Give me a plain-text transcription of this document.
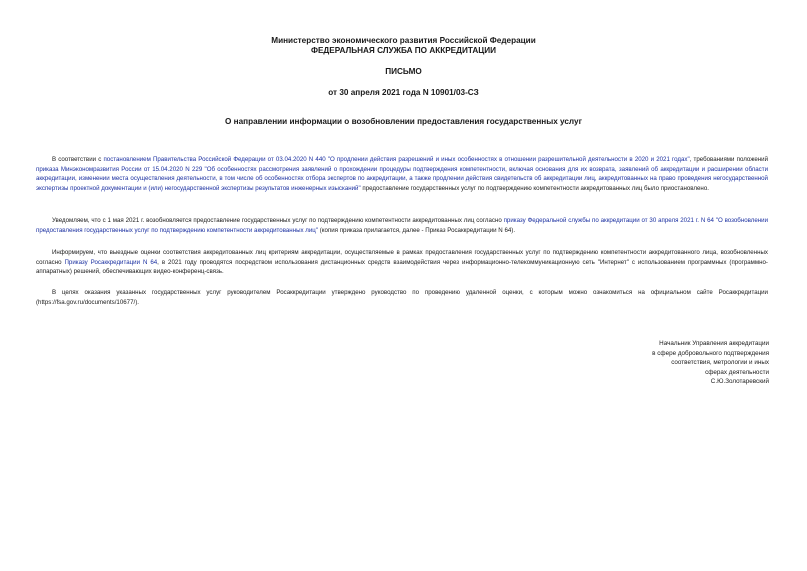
Министерство экономического развития Российской Федерации
ФЕДЕРАЛЬНАЯ СЛУЖБА ПО АККРЕДИТАЦИИ
ПИСЬМО
от 30 апреля 2021 года N 10901/03-СЗ
О направлении информации о возобновлении предоставления государственных услуг

В соответствии с постановлением Правительства Российской Федерации от 03.04.2020 N 440 "О продлении действия разрешений и иных особенностях в отношении разрешительной деятельности в 2020 и 2021 годах", требованиями положений приказа Минэкономразвития России от 15.04.2020 N 229 "Об особенностях рассмотрения заявлений о прохождении процедуры подтверждения компетентности, включая основания для их возврата, заявлений об аккредитации и расширении области аккредитации, изменении места осуществления деятельности, в том числе об особенностях отбора экспертов по аккредитации, а также продлении действия свидетельств об аккредитации лиц, аккредитованных на право проведения негосударственной экспертизы проектной документации и (или) негосударственной экспертизы результатов инженерных изысканий" предоставление государственных услуг по подтверждению компетентности аккредитованных лиц было приостановлено.

Уведомляем, что с 1 мая 2021 г. возобновляется предоставление государственных услуг по подтверждению компетентности аккредитованных лиц согласно приказу Федеральной службы по аккредитации от 30 апреля 2021 г. N 64 "О возобновлении предоставления государственных услуг по подтверждению компетентности аккредитованных лиц" (копия приказа прилагается, далее - Приказ Росаккредитации N 64).

Информируем, что выездные оценки соответствия аккредитованных лиц критериям аккредитации, осуществляемые в рамках предоставления государственных услуг по подтверждению компетентности аккредитованного лица, возобновленных согласно Приказу Росаккредитации N 64, в 2021 году проводятся посредством использования дистанционных средств взаимодействия через информационно-телекоммуникационную сеть "Интернет" с использованием программных (программно-аппаратных) решений, обеспечивающих видео-конференц-связь.

В целях оказания указанных государственных услуг руководителем Росаккредитации утверждено руководство по проведению удаленной оценки, с которым можно ознакомиться на официальном сайте Росаккредитации (https://fsa.gov.ru/documents/10677/).

Начальник Управления аккредитации
в сфере добровольного подтверждения
соответствия, метрологии и иных
сферах деятельности
С.Ю.Золотаревский
